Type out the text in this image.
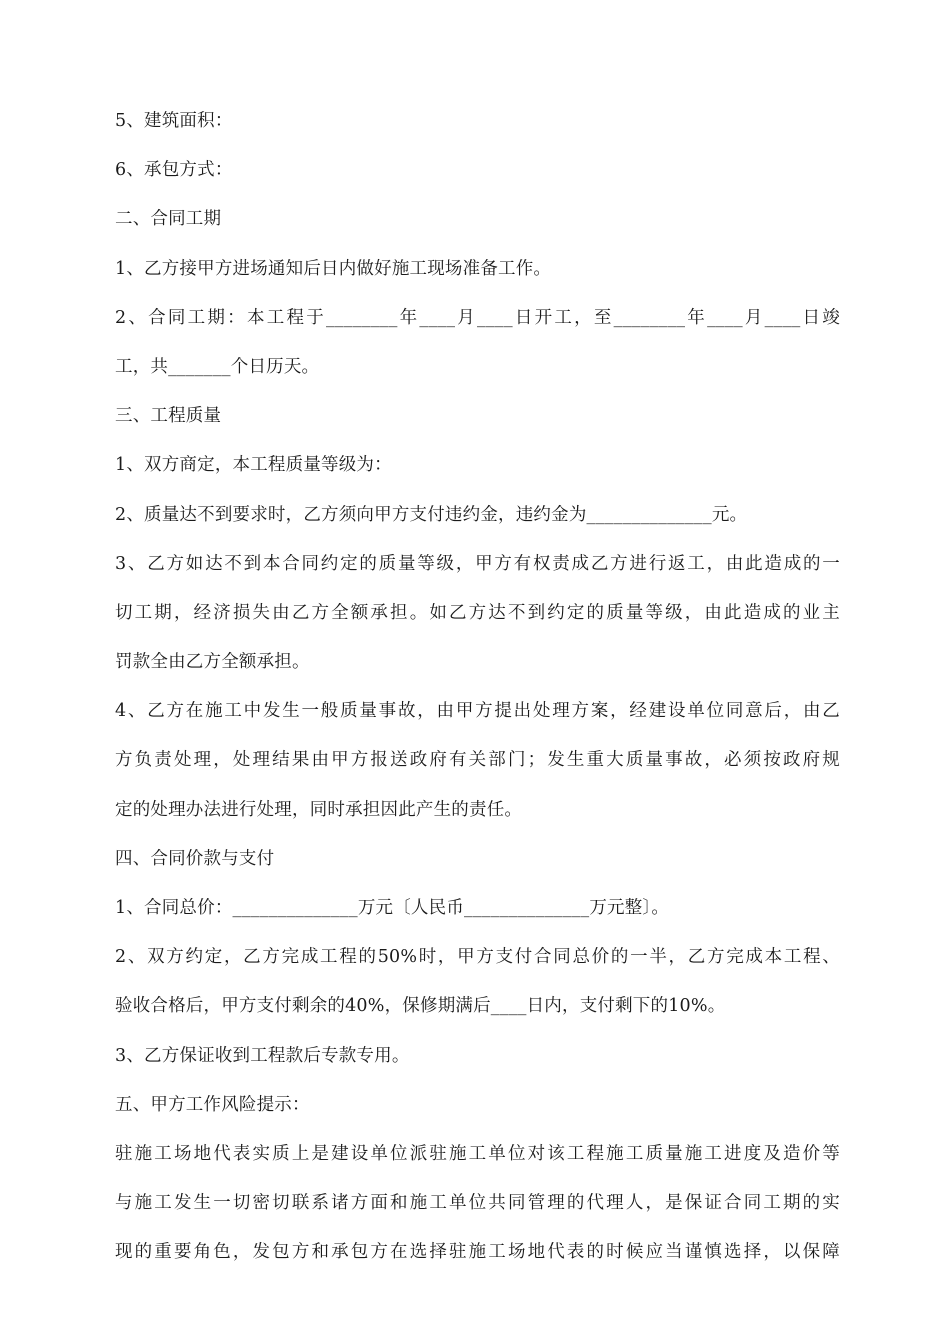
5、建筑面积：

6、承包方式：

二、合同工期

1、乙方接甲方进场通知后日内做好施工现场准备工作。

2、合同工期：本工程于________年____月____日开工，至________年____月____日竣

工，共_______个日历天。

三、工程质量

1、双方商定，本工程质量等级为：

2、质量达不到要求时，乙方须向甲方支付违约金，违约金为______________元。

3、乙方如达不到本合同约定的质量等级，甲方有权责成乙方进行返工，由此造成的一

切工期，经济损失由乙方全额承担。如乙方达不到约定的质量等级，由此造成的业主

罚款全由乙方全额承担。

4、乙方在施工中发生一般质量事故，由甲方提出处理方案，经建设单位同意后，由乙

方负责处理，处理结果由甲方报送政府有关部门；发生重大质量事故，必须按政府规

定的处理办法进行处理，同时承担因此产生的责任。

四、合同价款与支付

1、合同总价：______________万元〔人民币______________万元整〕。

2、双方约定，乙方完成工程的50%时，甲方支付合同总价的一半，乙方完成本工程、

验收合格后，甲方支付剩余的40%，保修期满后____日内，支付剩下的10%。

3、乙方保证收到工程款后专款专用。

五、甲方工作风险提示：

驻施工场地代表实质上是建设单位派驻施工单位对该工程施工质量施工进度及造价等

与施工发生一切密切联系诸方面和施工单位共同管理的代理人，是保证合同工期的实

现的重要角色，发包方和承包方在选择驻施工场地代表的时候应当谨慎选择，以保障
